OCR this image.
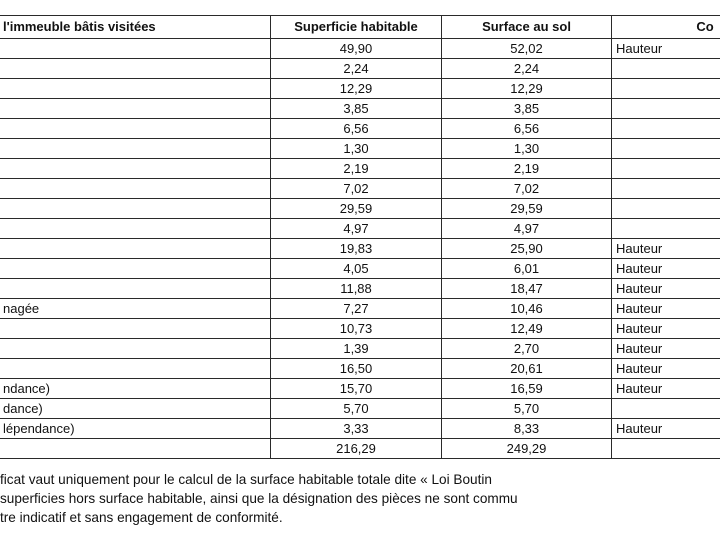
l'immeuble bâtis visitées	Superficie habitable	Surface au sol	Co
	49,90	52,02	Hauteur
	2,24	2,24	
	12,29	12,29	
	3,85	3,85	
	6,56	6,56	
	1,30	1,30	
	2,19	2,19	
	7,02	7,02	
	29,59	29,59	
	4,97	4,97	
	19,83	25,90	Hauteur
	4,05	6,01	Hauteur
	11,88	18,47	Hauteur
nagée	7,27	10,46	Hauteur
	10,73	12,49	Hauteur
	1,39	2,70	Hauteur
	16,50	20,61	Hauteur
ndance)	15,70	16,59	Hauteur
dance)	5,70	5,70	
lépendance)	3,33	8,33	Hauteur
	216,29	249,29	

ficat vaut uniquement pour le calcul de la surface habitable totale dite « Loi Boutin

superficies hors surface habitable, ainsi que la désignation des pièces ne sont commu

tre indicatif et sans engagement de conformité.
